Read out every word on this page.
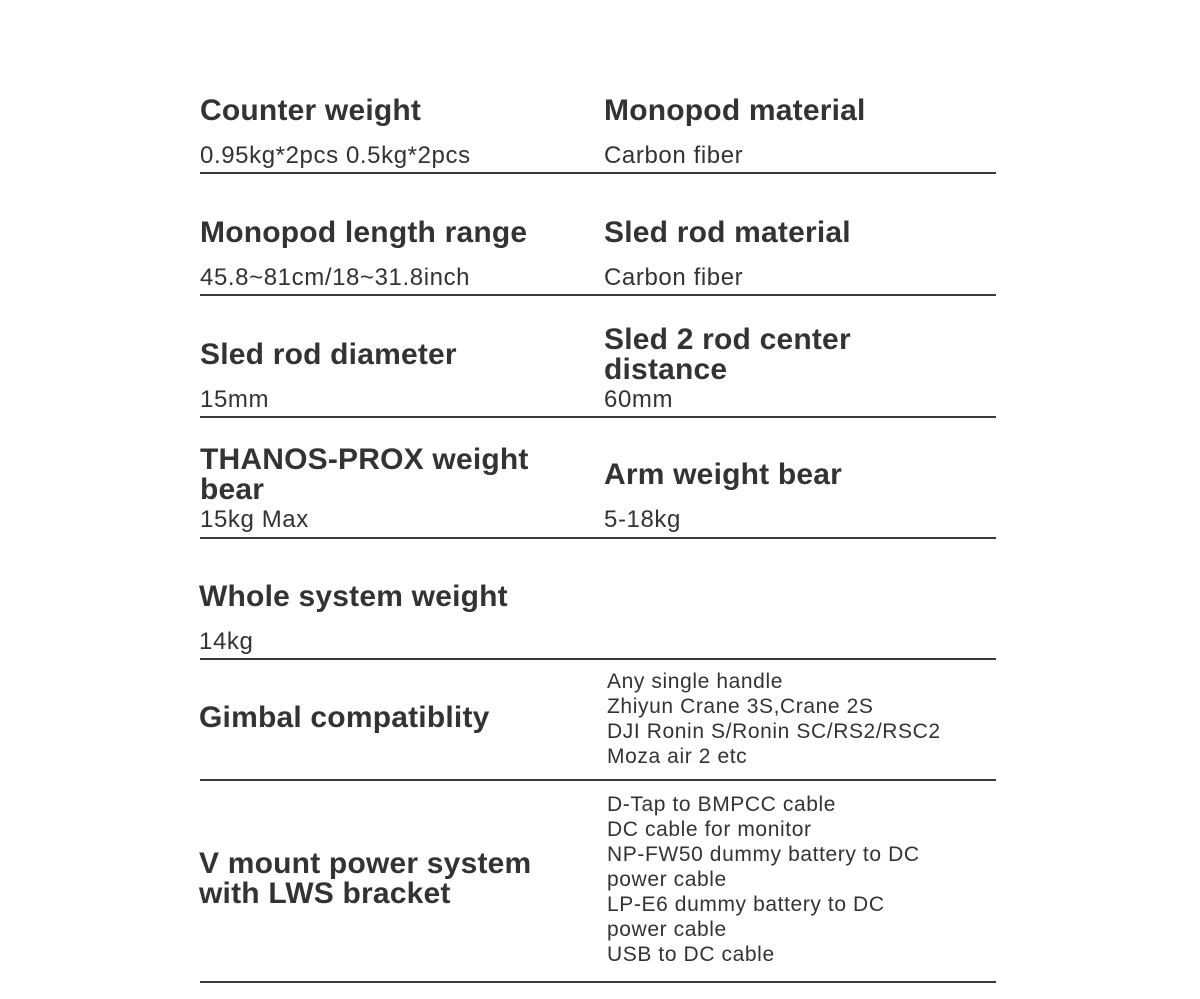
Counter weight
0.95kg*2pcs 0.5kg*2pcs
Monopod material
Carbon fiber
Monopod length range
45.8~81cm/18~31.8inch
Sled rod material
Carbon fiber
Sled rod diameter
15mm
Sled 2 rod center
distance
60mm
THANOS-PROX weight
bear
15kg Max
Arm weight bear
5-18kg
Whole system weight
14kg
Gimbal compatiblity
Any single handle
Zhiyun Crane 3S,Crane 2S
DJI Ronin S/Ronin SC/RS2/RSC2
Moza air 2 etc
V mount power system
with LWS bracket
D-Tap to BMPCC cable
DC cable for monitor
NP-FW50 dummy battery to DC
power cable
LP-E6 dummy battery to DC
power cable
USB to DC cable
